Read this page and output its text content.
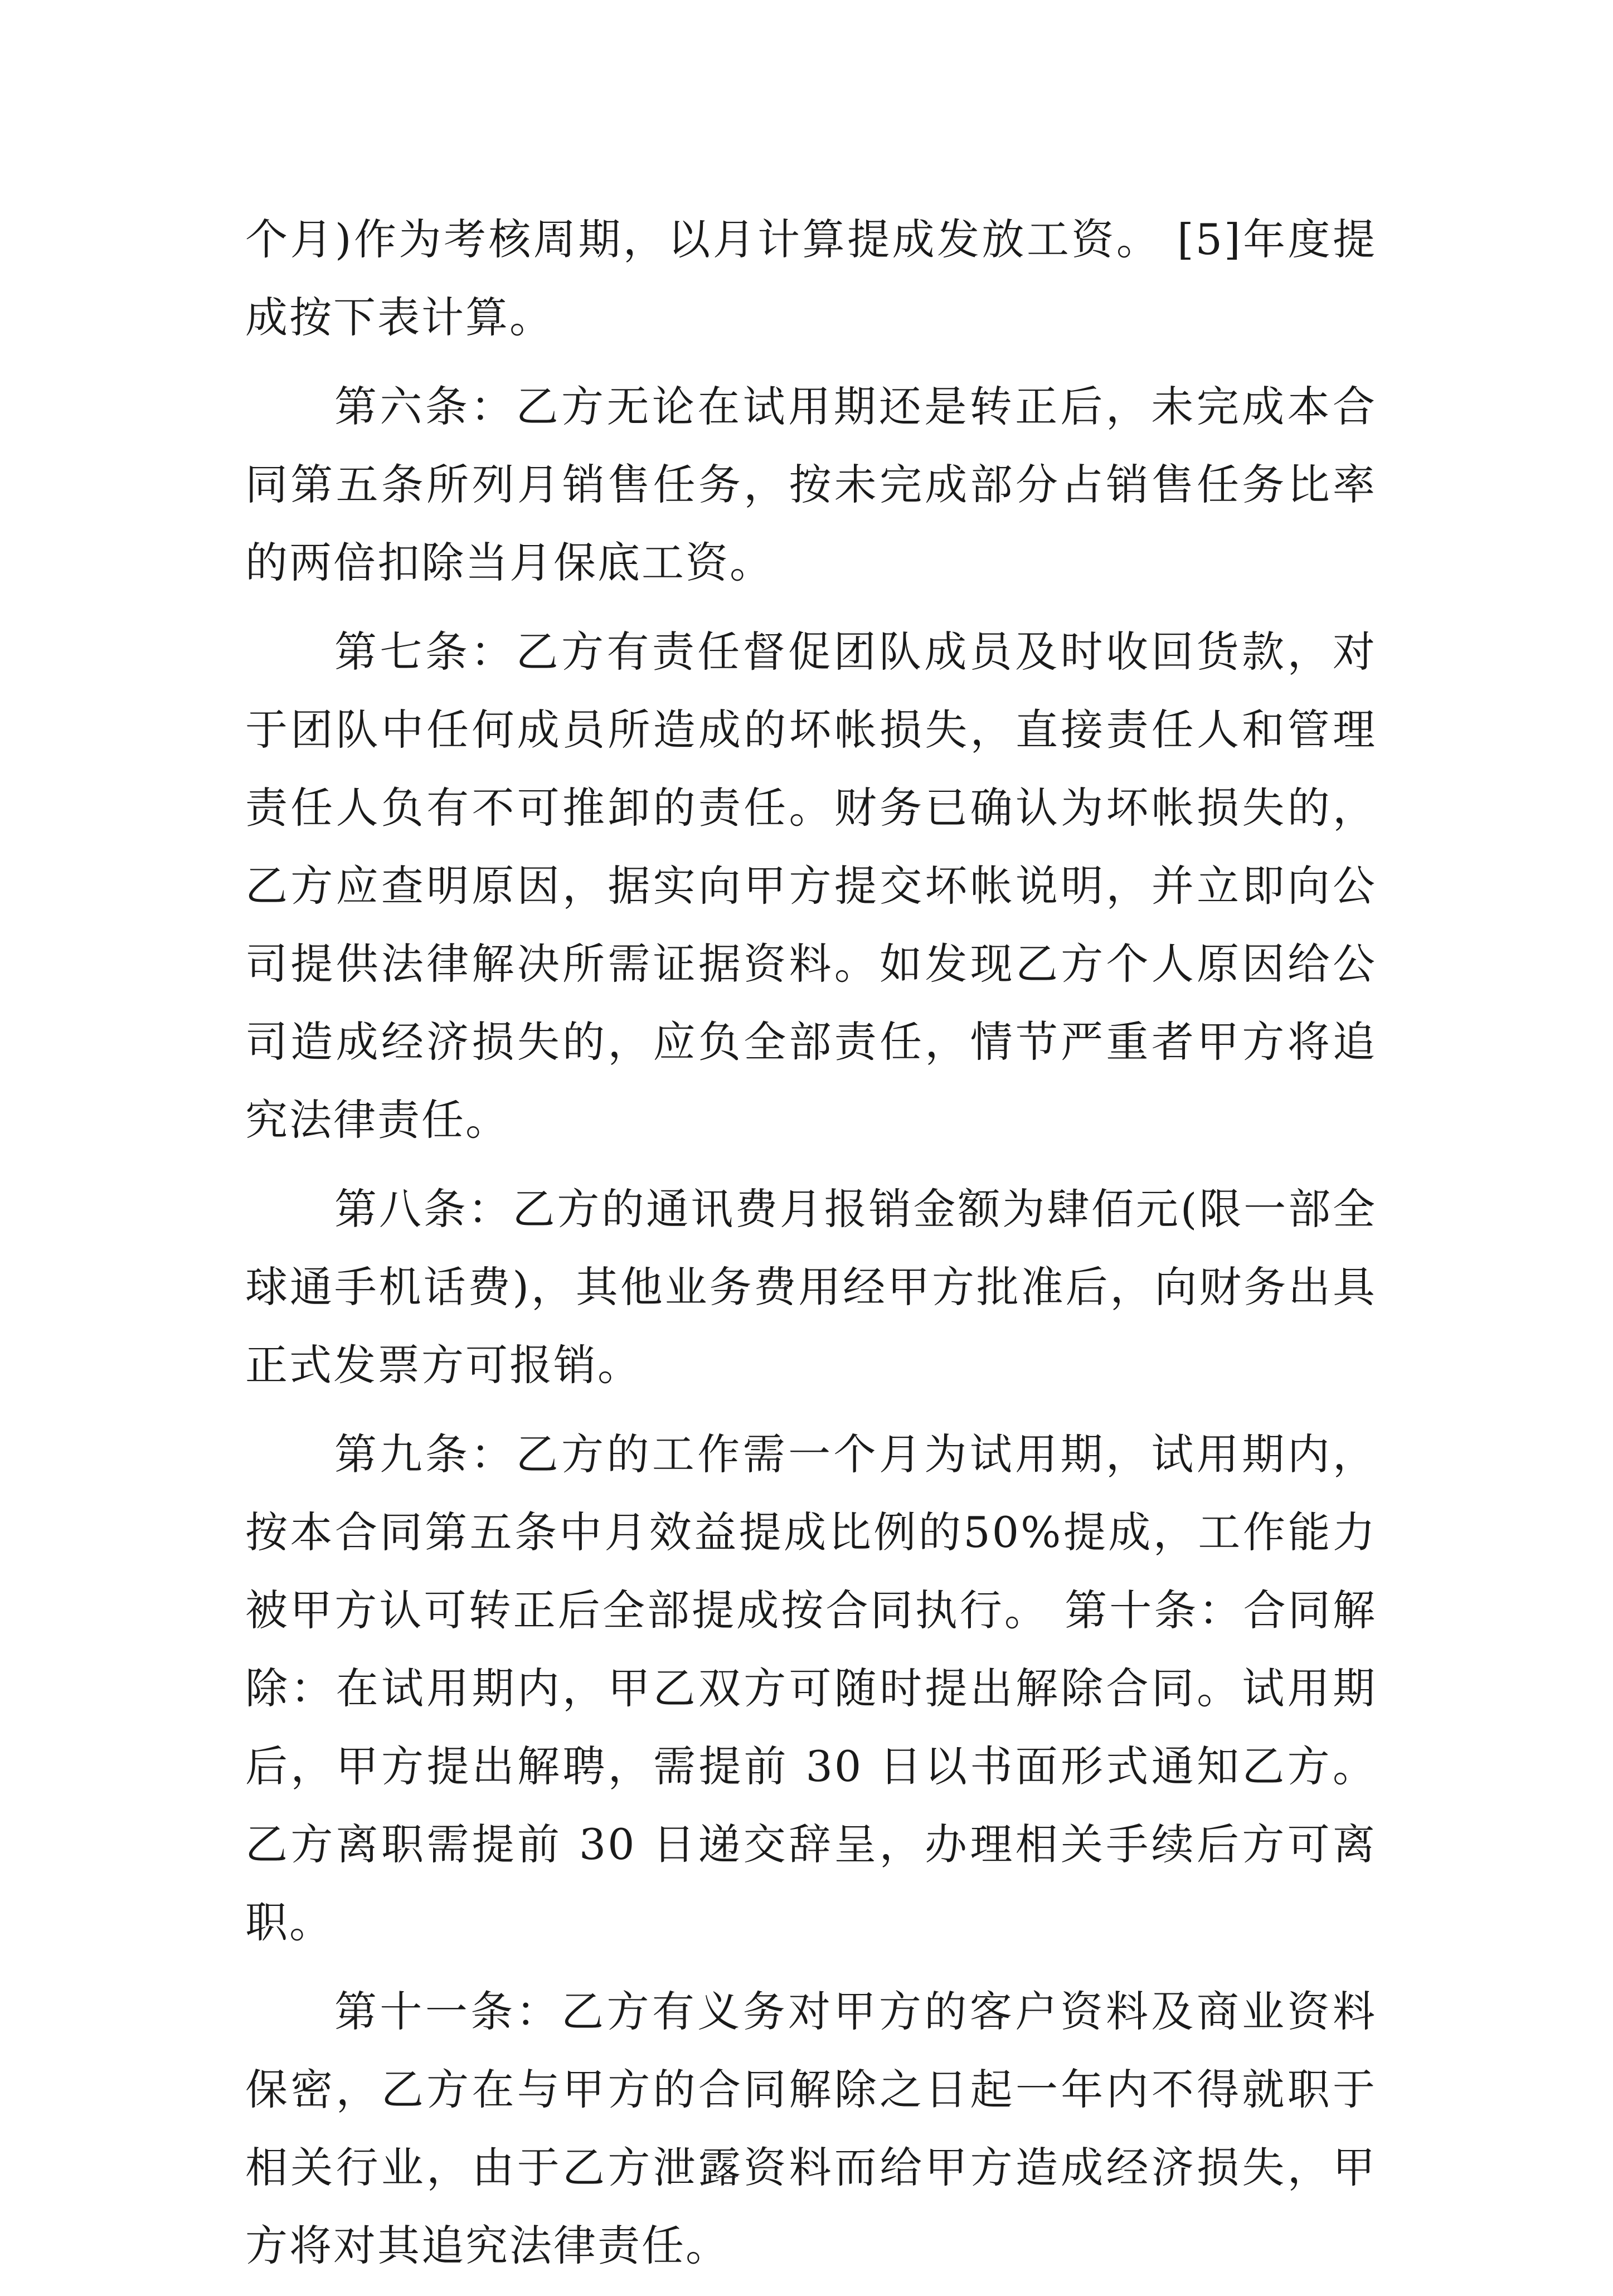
个月)作为考核周期，以月计算提成发放工资。 [5]年度提成按下表计算。

第六条：乙方无论在试用期还是转正后，未完成本合同第五条所列月销售任务，按未完成部分占销售任务比率的两倍扣除当月保底工资。

第七条：乙方有责任督促团队成员及时收回货款，对于团队中任何成员所造成的坏帐损失，直接责任人和管理责任人负有不可推卸的责任。财务已确认为坏帐损失的，乙方应查明原因，据实向甲方提交坏帐说明，并立即向公司提供法律解决所需证据资料。如发现乙方个人原因给公司造成经济损失的，应负全部责任，情节严重者甲方将追究法律责任。

第八条：乙方的通讯费月报销金额为肆佰元(限一部全球通手机话费)，其他业务费用经甲方批准后，向财务出具正式发票方可报销。

第九条：乙方的工作需一个月为试用期，试用期内，按本合同第五条中月效益提成比例的50%提成，工作能力被甲方认可转正后全部提成按合同执行。 第十条：合同解除：在试用期内，甲乙双方可随时提出解除合同。试用期后，甲方提出解聘，需提前 30 日以书面形式通知乙方。乙方离职需提前 30 日递交辞呈，办理相关手续后方可离职。

第十一条：乙方有义务对甲方的客户资料及商业资料保密，乙方在与甲方的合同解除之日起一年内不得就职于相关行业，由于乙方泄露资料而给甲方造成经济损失，甲方将对其追究法律责任。
